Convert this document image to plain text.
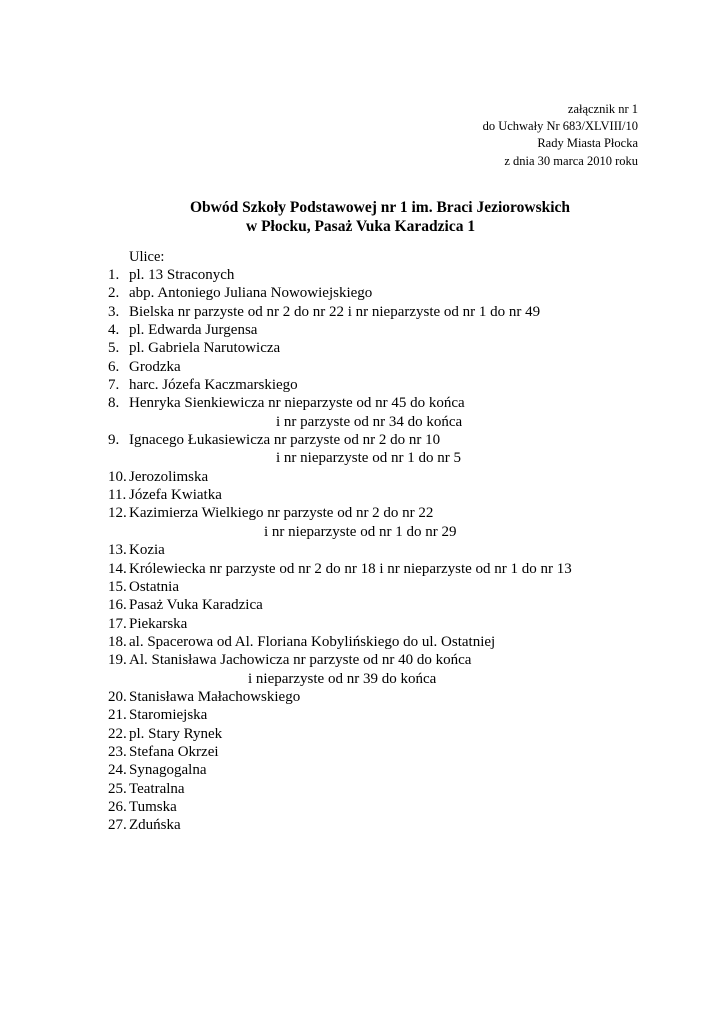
załącznik nr 1
do Uchwały Nr 683/XLVIII/10
Rady Miasta Płocka
z dnia 30 marca 2010 roku
Obwód Szkoły Podstawowej nr 1 im. Braci Jeziorowskich
w Płocku, Pasaż Vuka Karadzica 1
Ulice:
1. pl. 13 Straconych
2. abp. Antoniego Juliana Nowowiejskiego
3. Bielska nr parzyste od nr 2 do nr 22 i nr nieparzyste od nr 1 do nr 49
4. pl. Edwarda Jurgensa
5. pl. Gabriela Narutowicza
6. Grodzka
7. harc. Józefa Kaczmarskiego
8. Henryka Sienkiewicza nr nieparzyste od nr 45 do końca
i nr parzyste od nr 34 do końca
9. Ignacego Łukasiewicza nr parzyste od nr 2 do nr 10
i nr nieparzyste od nr 1 do nr 5
10. Jerozolimska
11. Józefa Kwiatka
12. Kazimierza Wielkiego nr parzyste od nr 2 do nr 22
i nr nieparzyste od nr 1 do nr 29
13. Kozia
14. Królewiecka nr parzyste od nr 2 do nr 18 i nr nieparzyste od nr 1 do nr 13
15. Ostatnia
16. Pasaż Vuka Karadzica
17. Piekarska
18. al. Spacerowa od Al. Floriana Kobylińskiego do ul. Ostatniej
19. Al. Stanisława Jachowicza nr parzyste od nr 40 do końca
i nieparzyste od nr 39 do końca
20. Stanisława Małachowskiego
21. Staromiejska
22. pl. Stary Rynek
23. Stefana Okrzei
24. Synagogalna
25. Teatralna
26. Tumska
27. Zduńska
